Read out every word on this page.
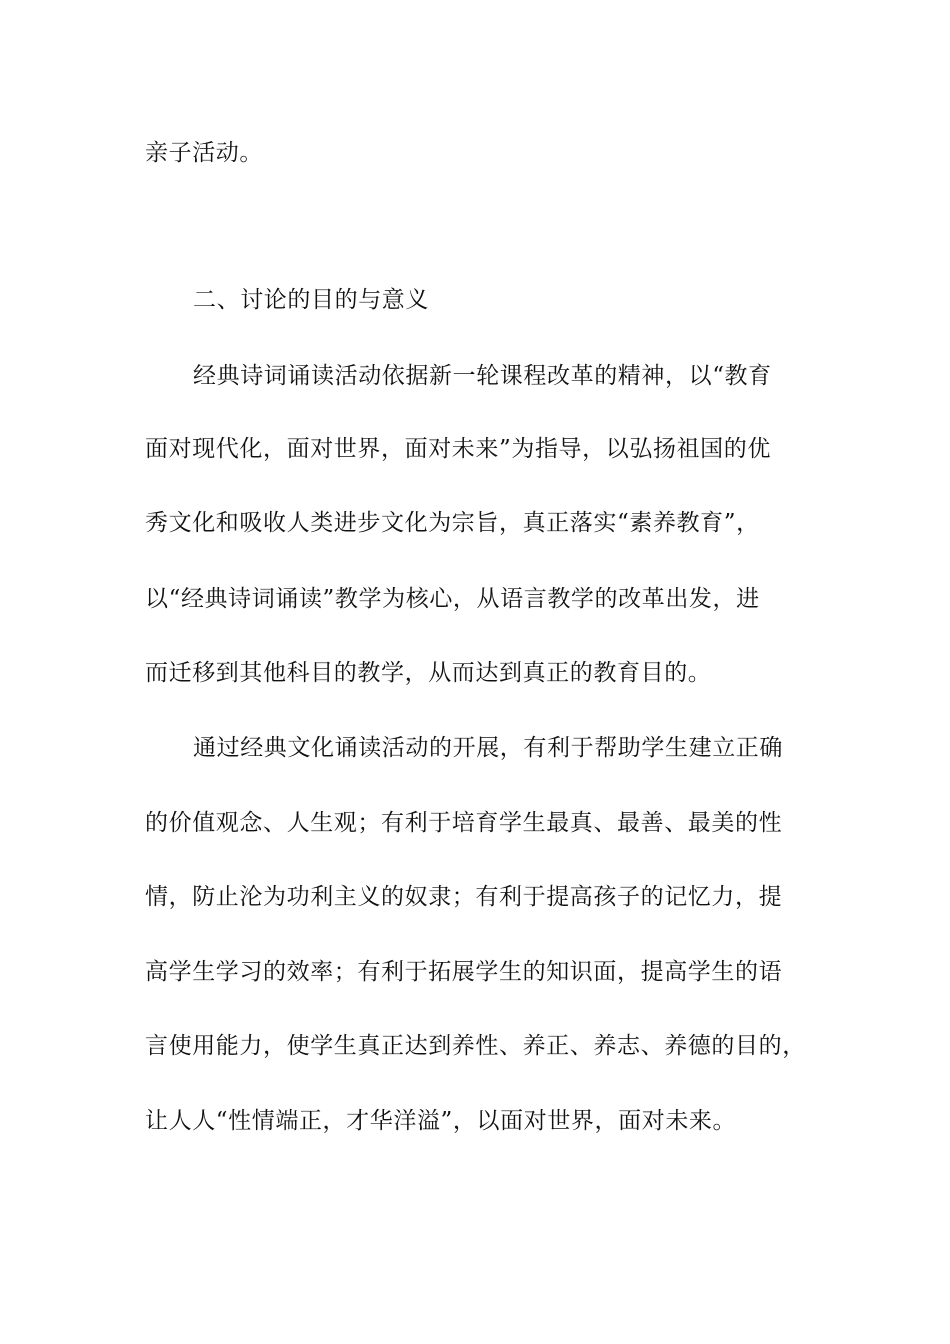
亲子活动。
二、讨论的目的与意义
经典诗词诵读活动依据新一轮课程改革的精神，以“教育
面对现代化，面对世界，面对未来”为指导，以弘扬祖国的优
秀文化和吸收人类进步文化为宗旨，真正落实“素养教育”，
以“经典诗词诵读”教学为核心，从语言教学的改革出发，进
而迁移到其他科目的教学，从而达到真正的教育目的。
通过经典文化诵读活动的开展，有利于帮助学生建立正确
的价值观念、人生观；有利于培育学生最真、最善、最美的性
情，防止沦为功利主义的奴隶；有利于提高孩子的记忆力，提
高学生学习的效率；有利于拓展学生的知识面，提高学生的语
言使用能力，使学生真正达到养性、养正、养志、养德的目的，
让人人“性情端正，才华洋溢”，以面对世界，面对未来。
